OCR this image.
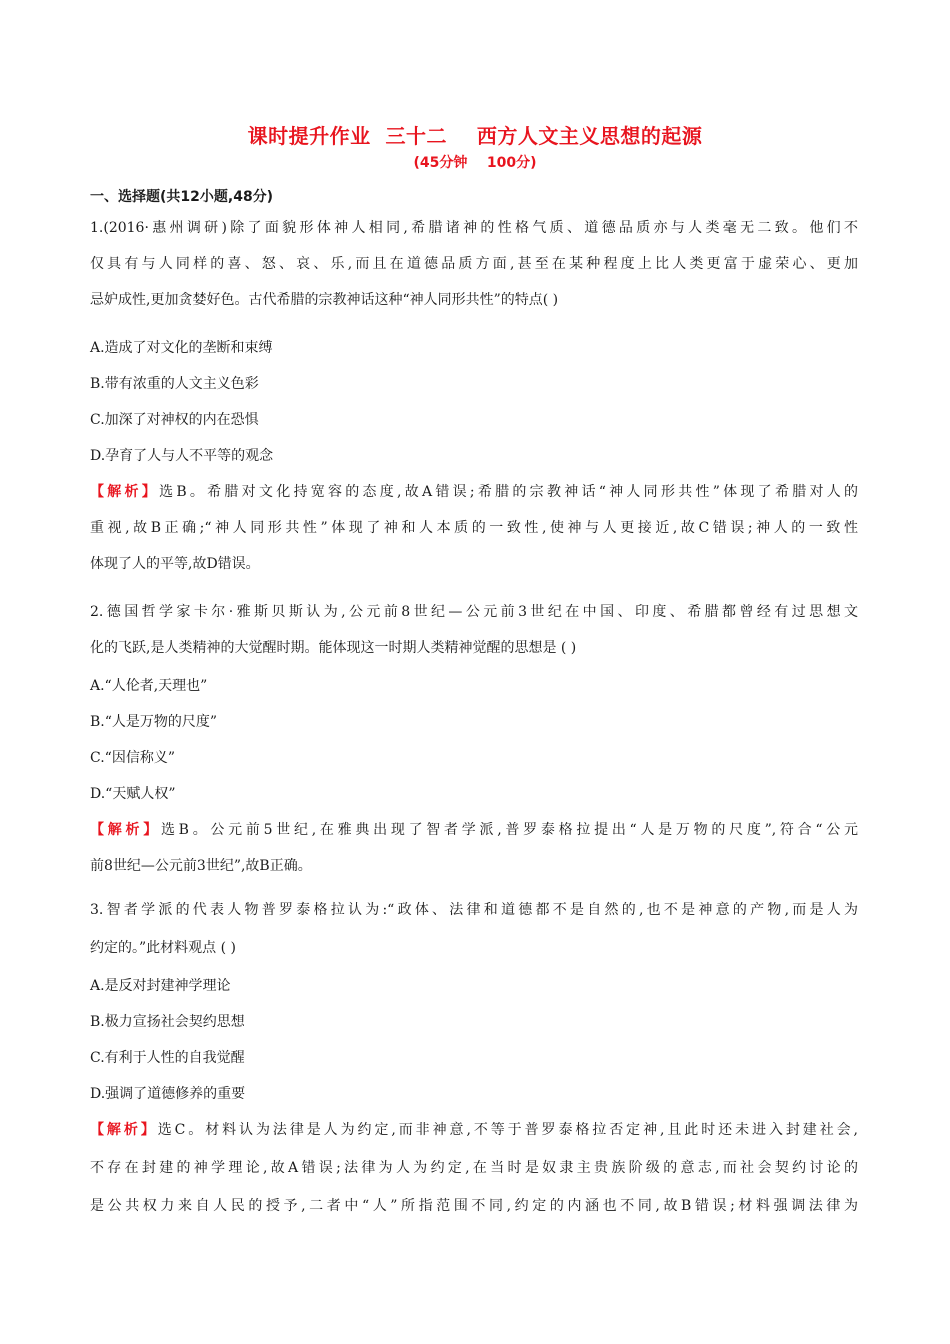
课时提升作业  三十二    西方人文主义思想的起源
(45分钟    100分)
一、选择题(共12小题,48分)
1.(2016·惠州调研)除了面貌形体神人相同,希腊诸神的性格气质、道德品质亦与人类毫无二致。他们不
仅具有与人同样的喜、怒、哀、乐,而且在道德品质方面,甚至在某种程度上比人类更富于虚荣心、更加
忌妒成性,更加贪婪好色。古代希腊的宗教神话这种“神人同形共性”的特点( )
A.造成了对文化的垄断和束缚
B.带有浓重的人文主义色彩
C.加深了对神权的内在恐惧
D.孕育了人与人不平等的观念
【解析】选B。希腊对文化持宽容的态度,故A错误;希腊的宗教神话“神人同形共性”体现了希腊对人的
重视,故B正确;“神人同形共性”体现了神和人本质的一致性,使神与人更接近,故C错误;神人的一致性
体现了人的平等,故D错误。
2.德国哲学家卡尔·雅斯贝斯认为,公元前8世纪—公元前3世纪在中国、印度、希腊都曾经有过思想文
化的飞跃,是人类精神的大觉醒时期。能体现这一时期人类精神觉醒的思想是 ( )
A.“人伦者,天理也”
B.“人是万物的尺度”
C.“因信称义”
D.“天赋人权”
【解析】选B。公元前5世纪,在雅典出现了智者学派,普罗泰格拉提出“人是万物的尺度”,符合“公元
前8世纪—公元前3世纪”,故B正确。
3.智者学派的代表人物普罗泰格拉认为:“政体、法律和道德都不是自然的,也不是神意的产物,而是人为
约定的。”此材料观点 ( )
A.是反对封建神学理论
B.极力宣扬社会契约思想
C.有利于人性的自我觉醒
D.强调了道德修养的重要
【解析】选C。材料认为法律是人为约定,而非神意,不等于普罗泰格拉否定神,且此时还未进入封建社会,
不存在封建的神学理论,故A错误;法律为人为约定,在当时是奴隶主贵族阶级的意志,而社会契约讨论的
是公共权力来自人民的授予,二者中“人”所指范围不同,约定的内涵也不同,故B错误;材料强调法律为
